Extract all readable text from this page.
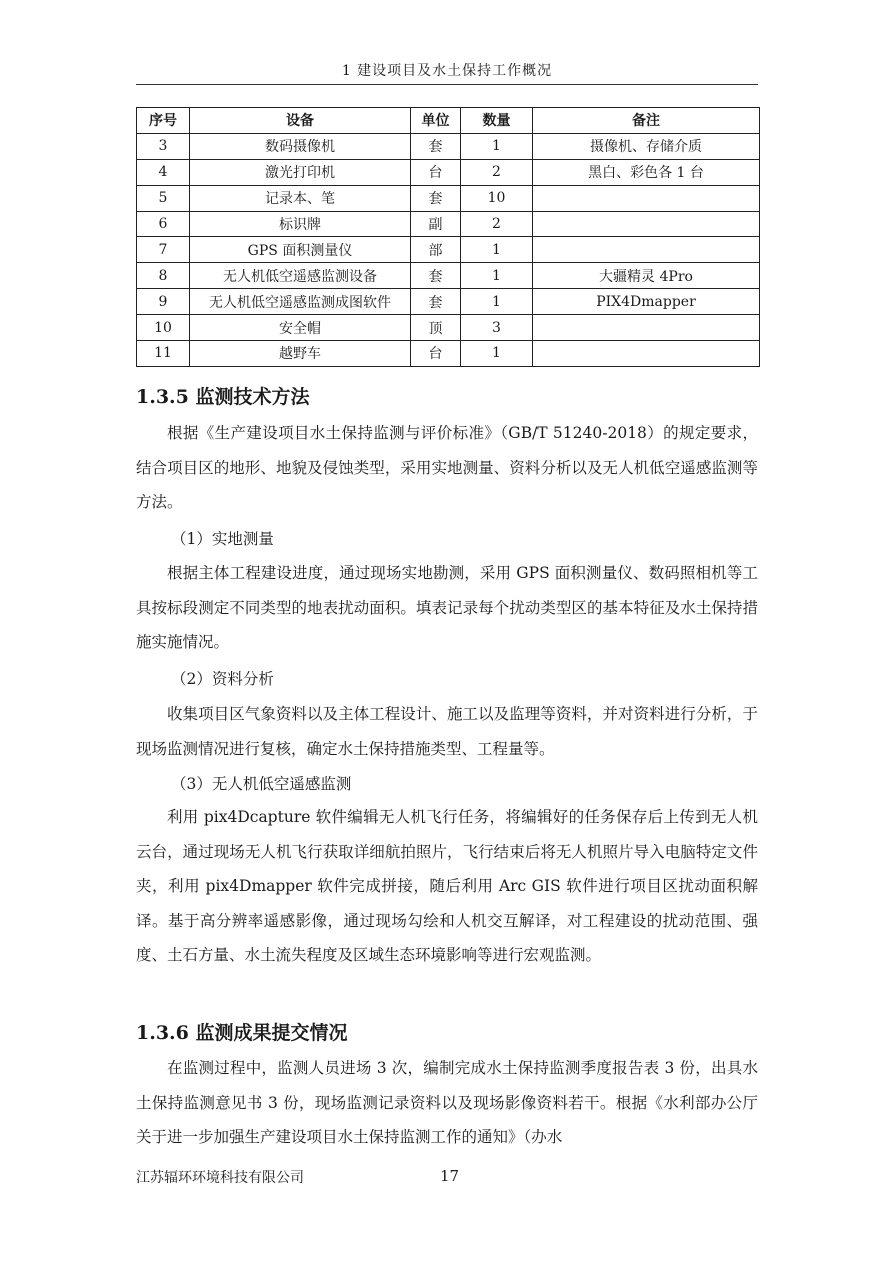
1 建设项目及水土保持工作概况
序号	设备	单位	数量	备注
3	数码摄像机	套	1	摄像机、存储介质
4	激光打印机	台	2	黑白、彩色各 1 台
5	记录本、笔	套	10	
6	标识牌	副	2	
7	GPS 面积测量仪	部	1	
8	无人机低空遥感监测设备	套	1	大疆精灵 4Pro
9	无人机低空遥感监测成图软件	套	1	PIX4Dmapper
10	安全帽	顶	3	
11	越野车	台	1	
1.3.5 监测技术方法

根据《生产建设项目水土保持监测与评价标准》（GB/T 51240-2018）的规定要求，结合项目区的地形、地貌及侵蚀类型，采用实地测量、资料分析以及无人机低空遥感监测等方法。

（1）实地测量

根据主体工程建设进度，通过现场实地勘测，采用 GPS 面积测量仪、数码照相机等工具按标段测定不同类型的地表扰动面积。填表记录每个扰动类型区的基本特征及水土保持措施实施情况。

（2）资料分析

收集项目区气象资料以及主体工程设计、施工以及监理等资料，并对资料进行分析，于现场监测情况进行复核，确定水土保持措施类型、工程量等。

（3）无人机低空遥感监测

利用 pix4Dcapture 软件编辑无人机飞行任务，将编辑好的任务保存后上传到无人机云台，通过现场无人机飞行获取详细航拍照片，飞行结束后将无人机照片导入电脑特定文件夹，利用 pix4Dmapper 软件完成拼接，随后利用 Arc GIS 软件进行项目区扰动面积解译。基于高分辨率遥感影像，通过现场勾绘和人机交互解译，对工程建设的扰动范围、强度、土石方量、水土流失程度及区域生态环境影响等进行宏观监测。

1.3.6 监测成果提交情况

在监测过程中，监测人员进场 3 次，编制完成水土保持监测季度报告表 3 份，出具水土保持监测意见书 3 份，现场监测记录资料以及现场影像资料若干。根据《水利部办公厅关于进一步加强生产建设项目水土保持监测工作的通知》（办水

江苏辐环环境科技有限公司	17
